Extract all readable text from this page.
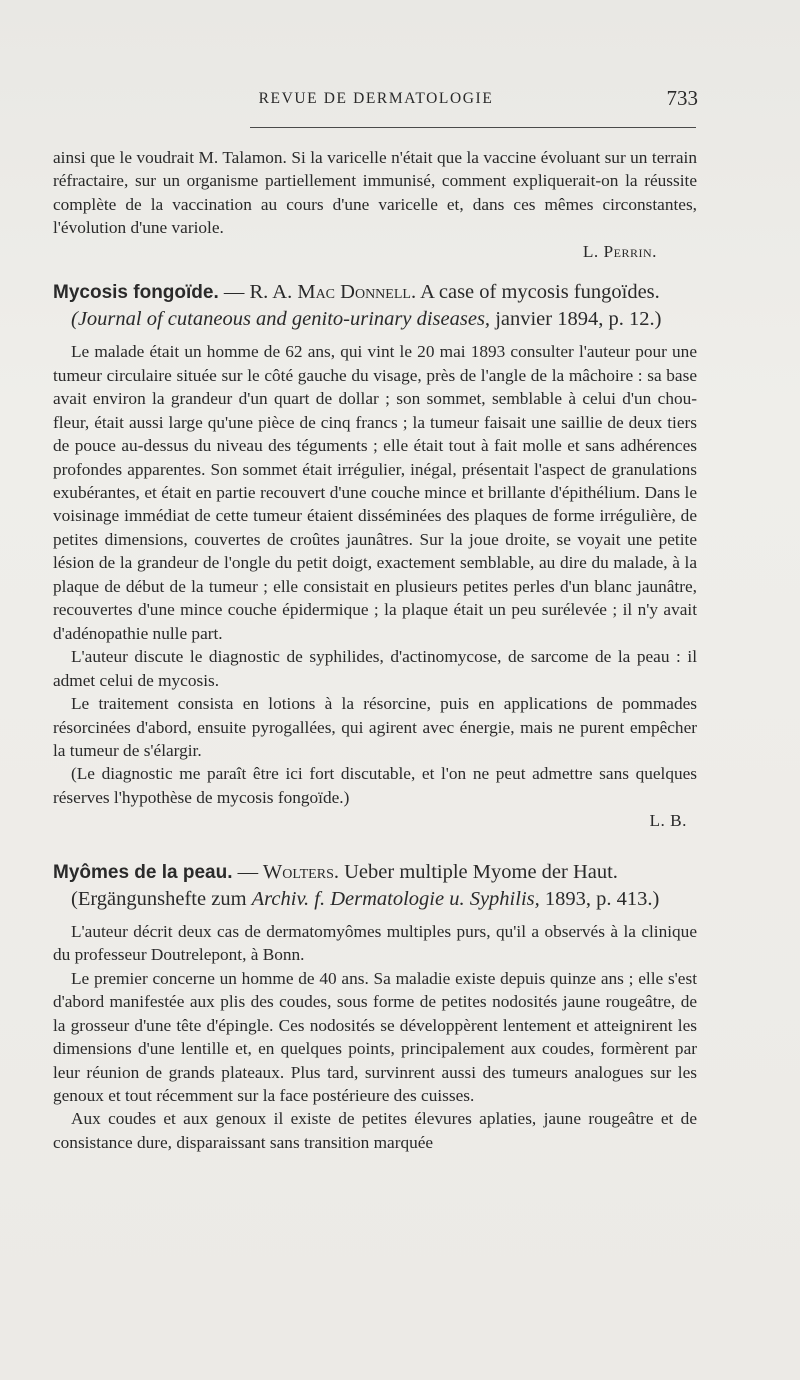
REVUE DE DERMATOLOGIE	733

ainsi que le voudrait M. Talamon. Si la varicelle n'était que la vaccine évoluant sur un terrain réfractaire, sur un organisme partiellement immunisé, comment expliquerait-on la réussite complète de la vaccination au cours d'une varicelle et, dans ces mêmes circonstantes, l'évolution d'une variole.

L. Perrin.

Mycosis fongoïde. — R. A. Mac Donnell. A case of mycosis fungoïdes. (Journal of cutaneous and genito-urinary diseases, janvier 1894, p. 12.)

Le malade était un homme de 62 ans, qui vint le 20 mai 1893 consulter l'auteur pour une tumeur circulaire située sur le côté gauche du visage, près de l'angle de la mâchoire : sa base avait environ la grandeur d'un quart de dollar ; son sommet, semblable à celui d'un chou-fleur, était aussi large qu'une pièce de cinq francs ; la tumeur faisait une saillie de deux tiers de pouce au-dessus du niveau des téguments ; elle était tout à fait molle et sans adhérences profondes apparentes. Son sommet était irrégulier, inégal, présentait l'aspect de granulations exubérantes, et était en partie recouvert d'une couche mince et brillante d'épithélium. Dans le voisinage immédiat de cette tumeur étaient disséminées des plaques de forme irrégulière, de petites dimensions, couvertes de croûtes jaunâtres. Sur la joue droite, se voyait une petite lésion de la grandeur de l'ongle du petit doigt, exactement semblable, au dire du malade, à la plaque de début de la tumeur ; elle consistait en plusieurs petites perles d'un blanc jaunâtre, recouvertes d'une mince couche épidermique ; la plaque était un peu surélevée ; il n'y avait d'adénopathie nulle part.

L'auteur discute le diagnostic de syphilides, d'actinomycose, de sarcome de la peau : il admet celui de mycosis.

Le traitement consista en lotions à la résorcine, puis en applications de pommades résorcinées d'abord, ensuite pyrogallées, qui agirent avec énergie, mais ne purent empêcher la tumeur de s'élargir.

(Le diagnostic me paraît être ici fort discutable, et l'on ne peut admettre sans quelques réserves l'hypothèse de mycosis fongoïde.)

L. B.

Myômes de la peau. — Wolters. Ueber multiple Myome der Haut. (Ergängunshefte zum Archiv. f. Dermatologie u. Syphilis, 1893, p. 413.)

L'auteur décrit deux cas de dermatomyômes multiples purs, qu'il a observés à la clinique du professeur Doutrelepont, à Bonn.

Le premier concerne un homme de 40 ans. Sa maladie existe depuis quinze ans ; elle s'est d'abord manifestée aux plis des coudes, sous forme de petites nodosités jaune rougeâtre, de la grosseur d'une tête d'épingle. Ces nodosités se développèrent lentement et atteignirent les dimensions d'une lentille et, en quelques points, principalement aux coudes, formèrent par leur réunion de grands plateaux. Plus tard, survinrent aussi des tumeurs analogues sur les genoux et tout récemment sur la face postérieure des cuisses.

Aux coudes et aux genoux il existe de petites élevures aplaties, jaune rougeâtre et de consistance dure, disparaissant sans transition marquée
